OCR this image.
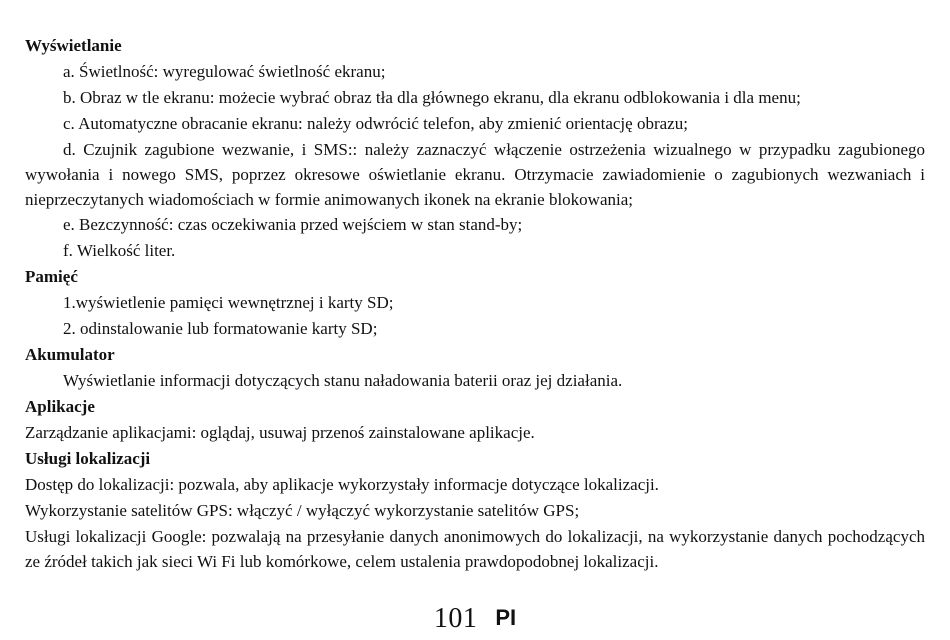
Wyświetlanie
a. Świetlność: wyregulować świetlność ekranu;
b. Obraz w tle ekranu: możecie wybrać obraz tła dla głównego ekranu, dla ekranu odblokowania i dla menu;
c. Automatyczne obracanie ekranu: należy odwrócić telefon, aby zmienić orientację obrazu;
d. Czujnik zagubione wezwanie, i SMS:: należy zaznaczyć włączenie ostrzeżenia wizualnego w przypadku zagubionego wywołania i nowego SMS, poprzez okresowe oświetlanie ekranu. Otrzymacie zawiadomienie o zagubionych wezwaniach i nieprzeczytanych wiadomościach w formie animowanych ikonek na ekranie blokowania;
e. Bezczynność: czas oczekiwania przed wejściem w stan stand-by;
f. Wielkość liter.
Pamięć
1.wyświetlenie pamięci wewnętrznej i karty SD;
2. odinstalowanie lub formatowanie karty SD;
Akumulator
Wyświetlanie informacji dotyczących stanu naładowania baterii oraz jej działania.
Aplikacje
Zarządzanie aplikacjami: oglądaj, usuwaj przenoś zainstalowane aplikacje.
Usługi lokalizacji
Dostęp do lokalizacji: pozwala, aby aplikacje wykorzystały informacje dotyczące lokalizacji.
Wykorzystanie satelitów GPS: włączyć / wyłączyć wykorzystanie satelitów GPS;
Usługi lokalizacji Google: pozwalają na przesyłanie danych anonimowych do lokalizacji, na wykorzystanie danych pochodzących ze źródeł takich jak sieci Wi Fi lub komórkowe, celem ustalenia prawdopodobnej lokalizacji.
101 PI
